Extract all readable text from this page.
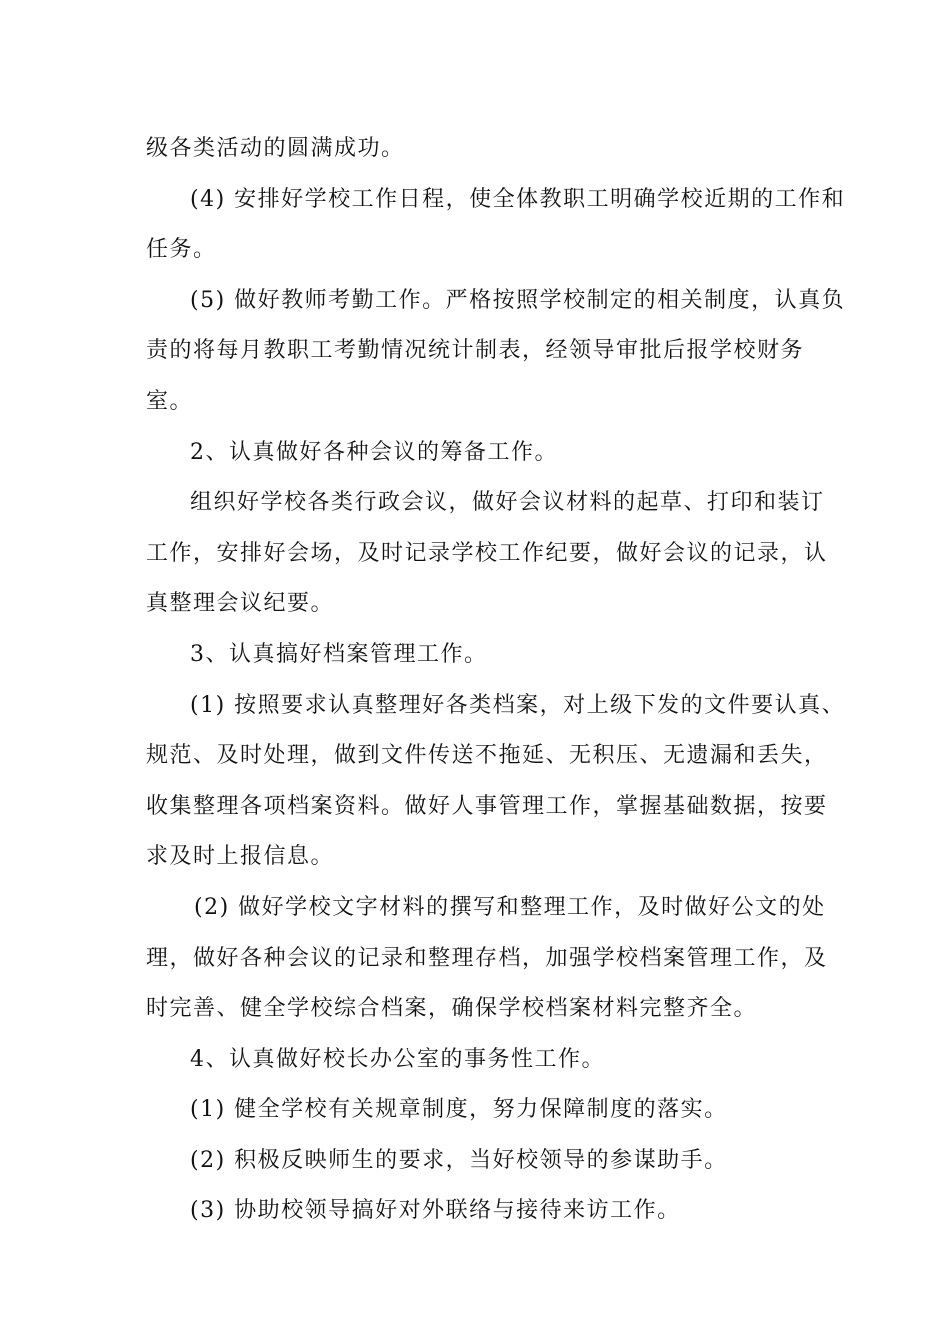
级各类活动的圆满成功。
(4) 安排好学校工作日程，使全体教职工明确学校近期的工作和
任务。
(5) 做好教师考勤工作。严格按照学校制定的相关制度，认真负
责的将每月教职工考勤情况统计制表，经领导审批后报学校财务
室。
2、认真做好各种会议的筹备工作。
组织好学校各类行政会议，做好会议材料的起草、打印和装订
工作，安排好会场，及时记录学校工作纪要，做好会议的记录，认
真整理会议纪要。
3、认真搞好档案管理工作。
(1) 按照要求认真整理好各类档案，对上级下发的文件要认真、
规范、及时处理，做到文件传送不拖延、无积压、无遗漏和丢失，
收集整理各项档案资料。做好人事管理工作，掌握基础数据，按要
求及时上报信息。
(2) 做好学校文字材料的撰写和整理工作，及时做好公文的处
理，做好各种会议的记录和整理存档，加强学校档案管理工作，及
时完善、健全学校综合档案，确保学校档案材料完整齐全。
4、认真做好校长办公室的事务性工作。
(1) 健全学校有关规章制度，努力保障制度的落实。
(2) 积极反映师生的要求，当好校领导的参谋助手。
(3) 协助校领导搞好对外联络与接待来访工作。
